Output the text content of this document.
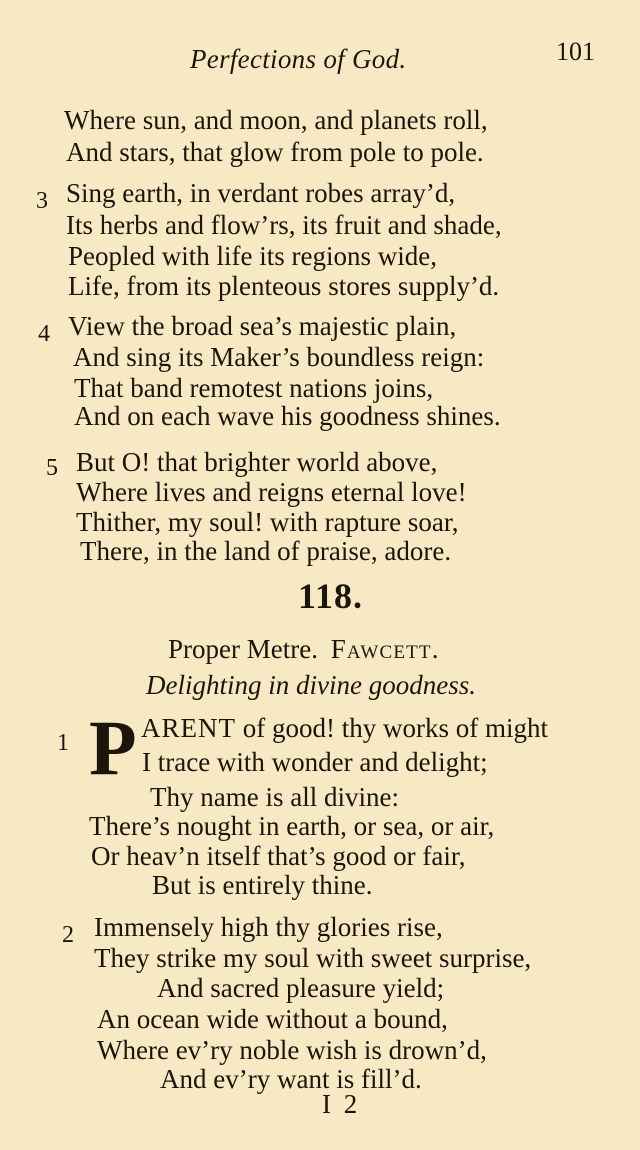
Perfections of God.	101
Where sun, and moon, and planets roll,
And stars, that glow from pole to pole.
3 Sing earth, in verdant robes array’d,
Its herbs and flow’rs, its fruit and shade,
Peopled with life its regions wide,
Life, from its plenteous stores supply’d.
4 View the broad sea’s majestic plain,
And sing its Maker’s boundless reign:
That band remotest nations joins,
And on each wave his goodness shines.
5 But O! that brighter world above,
Where lives and reigns eternal love!
Thither, my soul! with rapture soar,
There, in the land of praise, adore.
118.
Proper Metre. Fawcett.
Delighting in divine goodness.
1 P ARENT of good! thy works of might
I trace with wonder and delight;
Thy name is all divine:
There’s nought in earth, or sea, or air,
Or heav’n itself that’s good or fair,
But is entirely thine.
2 Immensely high thy glories rise,
They strike my soul with sweet surprise,
And sacred pleasure yield;
An ocean wide without a bound,
Where ev’ry noble wish is drown’d,
And ev’ry want is fill’d.
I 2
